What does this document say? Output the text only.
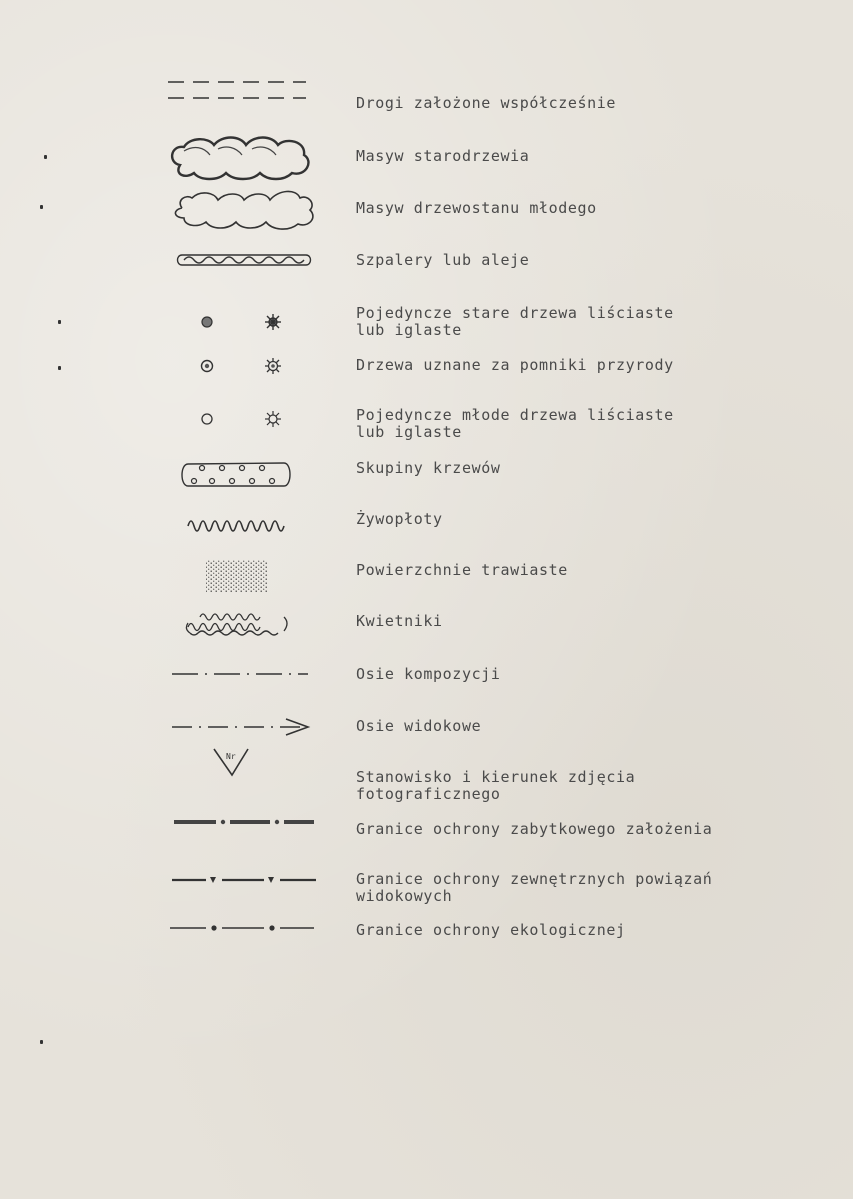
Drogi założone współcześnie
Masyw starodrzewia
Masyw drzewostanu młodego
Szpalery lub aleje
Pojedyncze stare drzewa liściaste
lub iglaste
Drzewa uznane za pomniki przyrody
Pojedyncze młode drzewa liściaste
lub iglaste
Skupiny krzewów
Żywopłoty
Powierzchnie trawiaste
Kwietniki
Osie kompozycji
Osie widokowe
Nr
Stanowisko i kierunek zdjęcia
fotograficznego
Granice ochrony zabytkowego założenia
Granice ochrony zewnętrznych powiązań
widokowych
Granice ochrony ekologicznej
